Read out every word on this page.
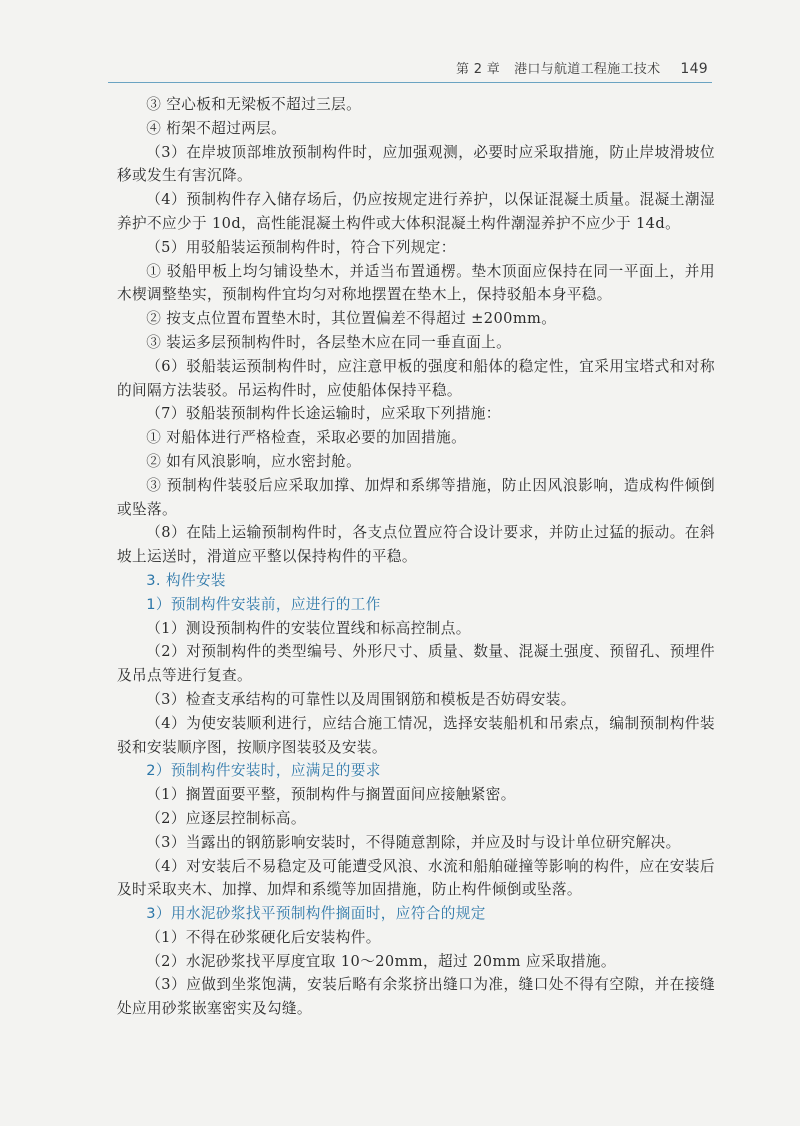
第 2 章 港口与航道工程施工技术 149

③ 空心板和无梁板不超过三层。

④ 桁架不超过两层。

（3）在岸坡顶部堆放预制构件时，应加强观测，必要时应采取措施，防止岸坡滑坡位移或发生有害沉降。

（4）预制构件存入储存场后，仍应按规定进行养护，以保证混凝土质量。混凝土潮湿养护不应少于 10d，高性能混凝土构件或大体积混凝土构件潮湿养护不应少于 14d。

（5）用驳船装运预制构件时，符合下列规定：

① 驳船甲板上均匀铺设垫木，并适当布置通楞。垫木顶面应保持在同一平面上，并用木楔调整垫实，预制构件宜均匀对称地摆置在垫木上，保持驳船本身平稳。

② 按支点位置布置垫木时，其位置偏差不得超过 ±200mm。

③ 装运多层预制构件时，各层垫木应在同一垂直面上。

（6）驳船装运预制构件时，应注意甲板的强度和船体的稳定性，宜采用宝塔式和对称的间隔方法装驳。吊运构件时，应使船体保持平稳。

（7）驳船装预制构件长途运输时，应采取下列措施：

① 对船体进行严格检查，采取必要的加固措施。

② 如有风浪影响，应水密封舱。

③ 预制构件装驳后应采取加撑、加焊和系绑等措施，防止因风浪影响，造成构件倾倒或坠落。

（8）在陆上运输预制构件时，各支点位置应符合设计要求，并防止过猛的振动。在斜坡上运送时，滑道应平整以保持构件的平稳。

3. 构件安装

1）预制构件安装前，应进行的工作

（1）测设预制构件的安装位置线和标高控制点。

（2）对预制构件的类型编号、外形尺寸、质量、数量、混凝土强度、预留孔、预埋件及吊点等进行复查。

（3）检查支承结构的可靠性以及周围钢筋和模板是否妨碍安装。

（4）为使安装顺利进行，应结合施工情况，选择安装船机和吊索点，编制预制构件装驳和安装顺序图，按顺序图装驳及安装。

2）预制构件安装时，应满足的要求

（1）搁置面要平整，预制构件与搁置面间应接触紧密。

（2）应逐层控制标高。

（3）当露出的钢筋影响安装时，不得随意割除，并应及时与设计单位研究解决。

（4）对安装后不易稳定及可能遭受风浪、水流和船舶碰撞等影响的构件，应在安装后及时采取夹木、加撑、加焊和系缆等加固措施，防止构件倾倒或坠落。

3）用水泥砂浆找平预制构件搁面时，应符合的规定

（1）不得在砂浆硬化后安装构件。

（2）水泥砂浆找平厚度宜取 10～20mm，超过 20mm 应采取措施。

（3）应做到坐浆饱满，安装后略有余浆挤出缝口为准，缝口处不得有空隙，并在接缝处应用砂浆嵌塞密实及勾缝。
